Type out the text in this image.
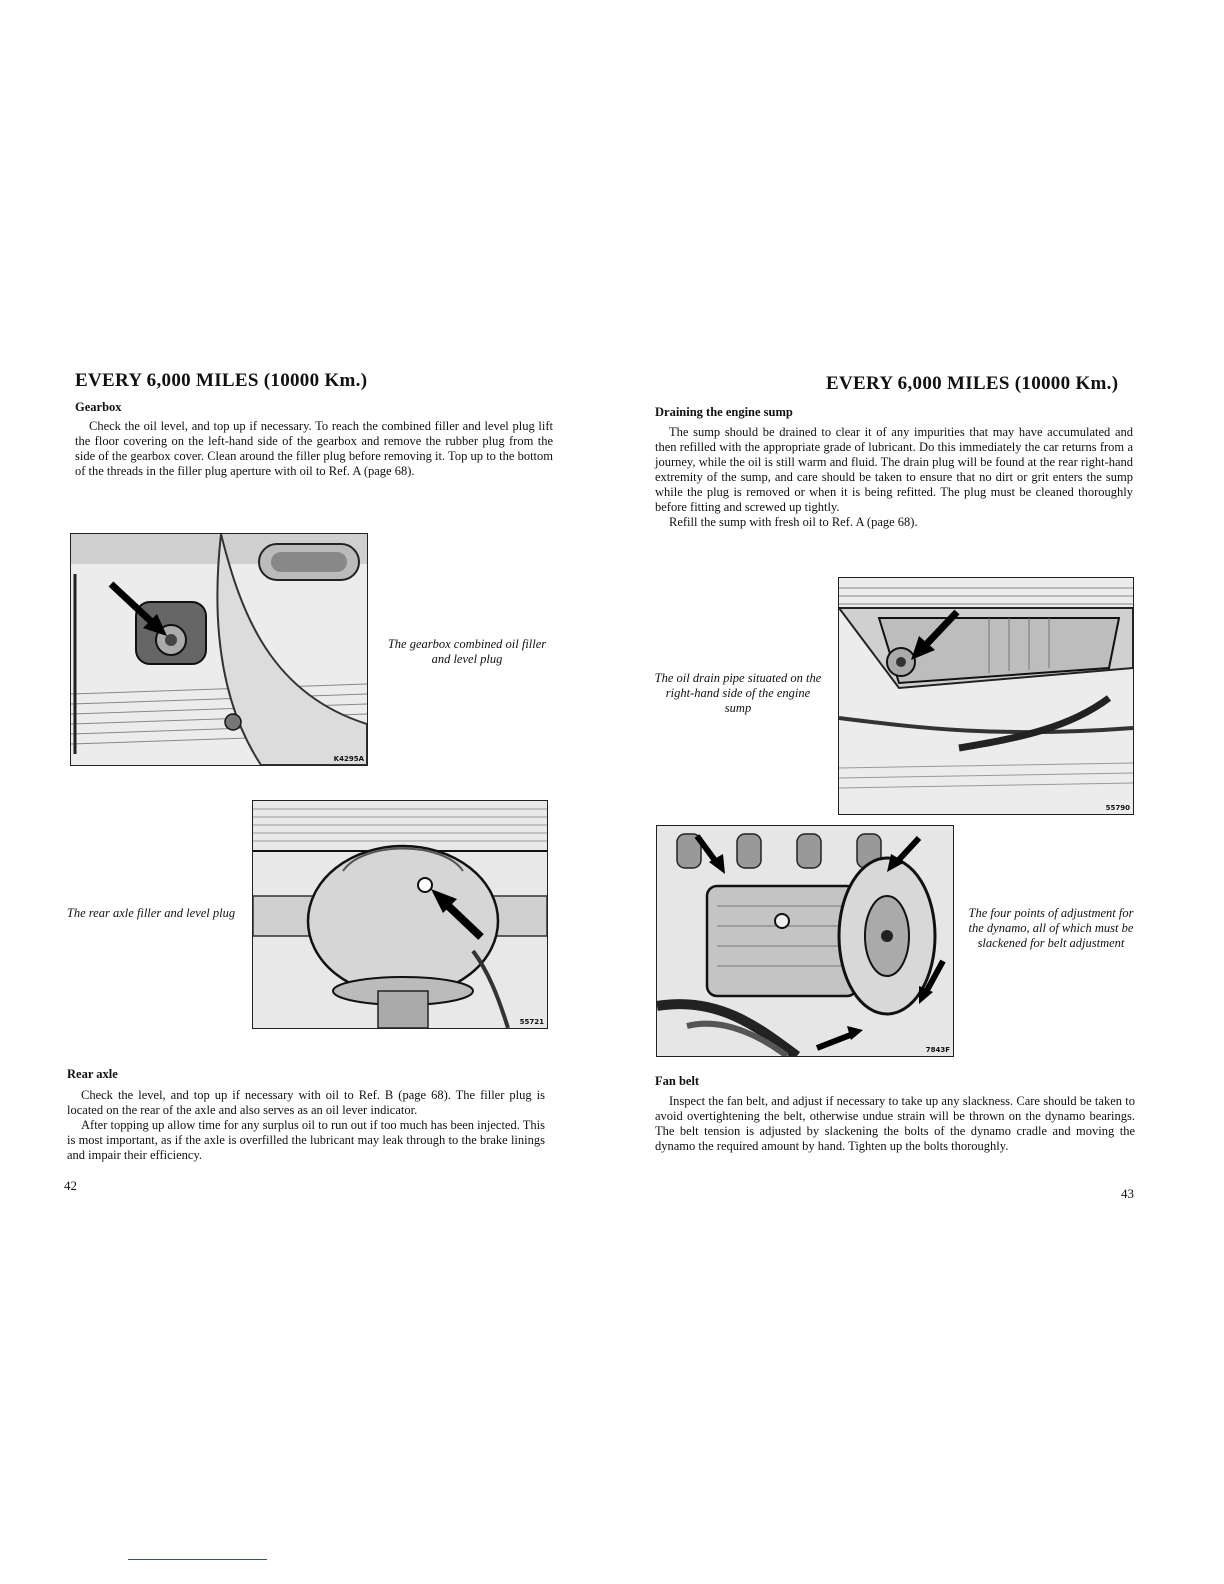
EVERY 6,000 MILES (10000 Km.)
Gearbox

Check the oil level, and top up if necessary. To reach the combined filler and level plug lift the floor covering on the left-hand side of the gearbox and remove the rubber plug from the side of the gearbox cover. Clean around the filler plug before removing it. Top up to the bottom of the threads in the filler plug aperture with oil to Ref. A (page 68).

K4295A
The gearbox combined oil filler and level plug
55721
The rear axle filler and level plug
Rear axle

Check the level, and top up if necessary with oil to Ref. B (page 68). The filler plug is located on the rear of the axle and also serves as an oil lever indicator.

After topping up allow time for any surplus oil to run out if too much has been injected. This is most important, as if the axle is overfilled the lubricant may leak through to the brake linings and impair their efficiency.

42
EVERY 6,000 MILES (10000 Km.)
Draining the engine sump

The sump should be drained to clear it of any impurities that may have accumulated and then refilled with the appropriate grade of lubricant. Do this immediately the car returns from a journey, while the oil is still warm and fluid. The drain plug will be found at the rear right-hand extremity of the sump, and care should be taken to ensure that no dirt or grit enters the sump while the plug is removed or when it is being refitted. The plug must be cleaned thoroughly before fitting and screwed up tightly.

Refill the sump with fresh oil to Ref. A (page 68).

55790
The oil drain pipe situated on the right-hand side of the engine sump
7843F
The four points of adjustment for the dynamo, all of which must be slackened for belt adjustment
Fan belt

Inspect the fan belt, and adjust if necessary to take up any slackness. Care should be taken to avoid overtightening the belt, otherwise undue strain will be thrown on the dynamo bearings. The belt tension is adjusted by slackening the bolts of the dynamo cradle and moving the dynamo the required amount by hand. Tighten up the bolts thoroughly.

43
